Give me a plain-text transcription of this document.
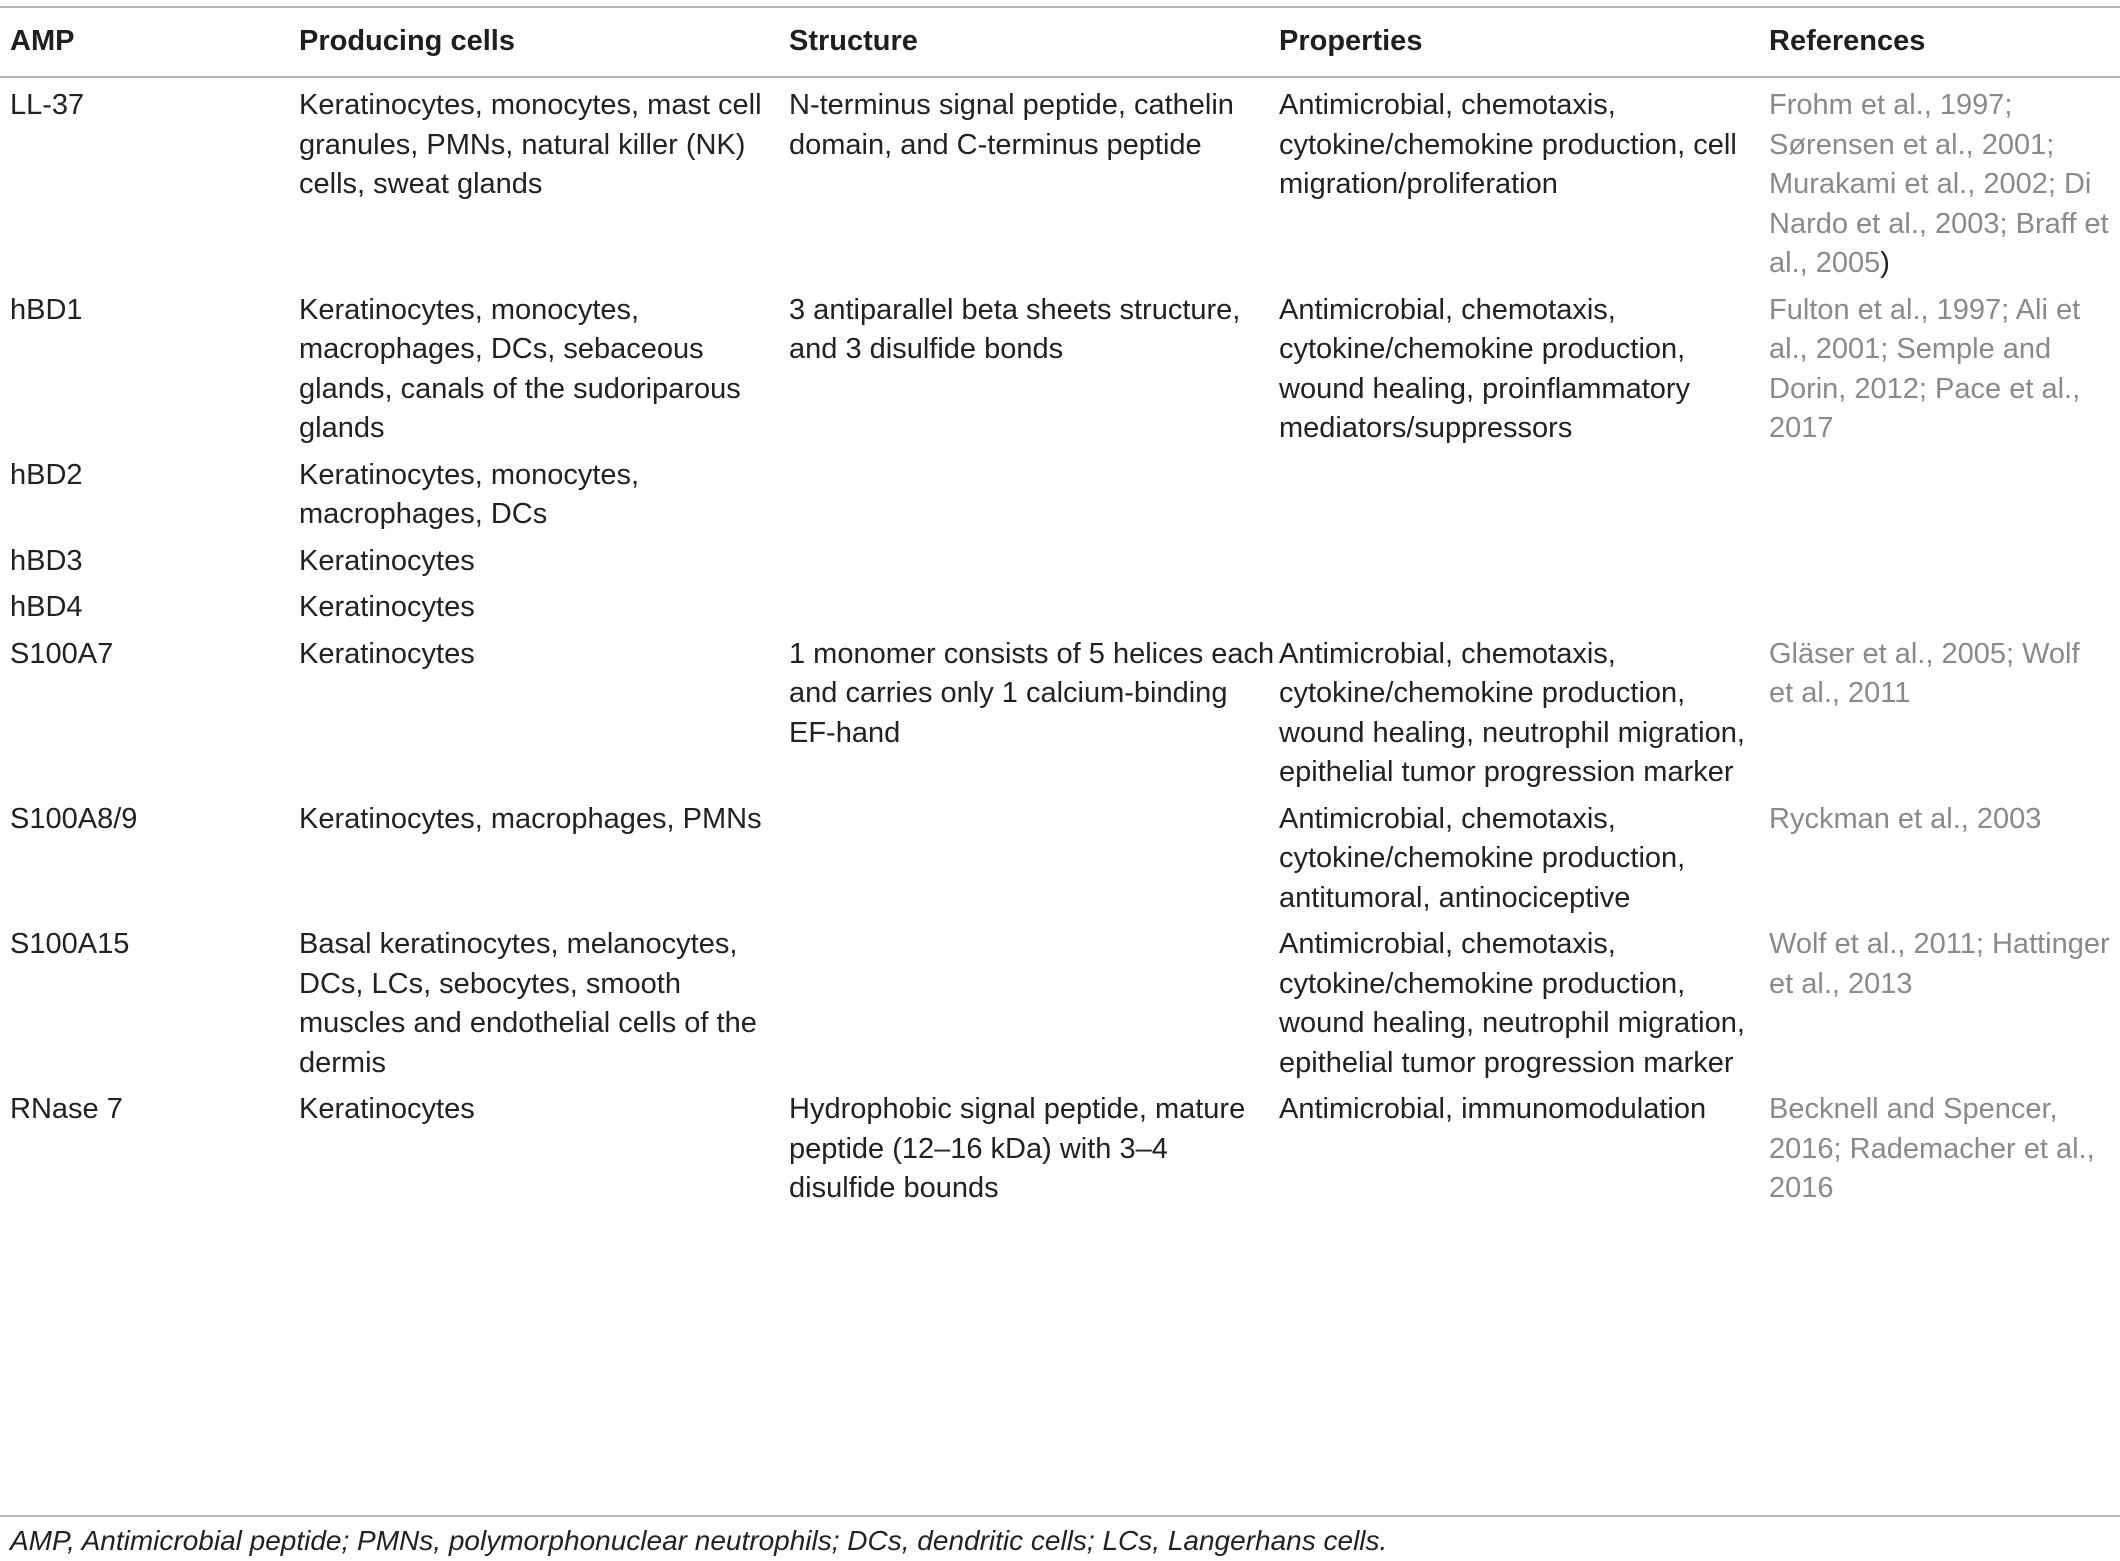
AMP	Producing cells	Structure	Properties	References
LL-37	Keratinocytes, monocytes, mast cell granules, PMNs, natural killer (NK) cells, sweat glands	N-terminus signal peptide, cathelin domain, and C-terminus peptide	Antimicrobial, chemotaxis, cytokine/chemokine production, cell migration/proliferation	Frohm et al., 1997; Sørensen et al., 2001; Murakami et al., 2002; Di Nardo et al., 2003; Braff et al., 2005)
hBD1	Keratinocytes, monocytes, macrophages, DCs, sebaceous glands, canals of the sudoriparous glands	3 antiparallel beta sheets structure, and 3 disulfide bonds	Antimicrobial, chemotaxis, cytokine/chemokine production, wound healing, proinflammatory mediators/suppressors	Fulton et al., 1997; Ali et al., 2001; Semple and Dorin, 2012; Pace et al., 2017
hBD2	Keratinocytes, monocytes, macrophages, DCs			
hBD3	Keratinocytes			
hBD4	Keratinocytes			
S100A7	Keratinocytes	1 monomer consists of 5 helices each and carries only 1 calcium-binding EF-hand	Antimicrobial, chemotaxis, cytokine/chemokine production, wound healing, neutrophil migration, epithelial tumor progression marker	Gläser et al., 2005; Wolf et al., 2011
S100A8/9	Keratinocytes, macrophages, PMNs		Antimicrobial, chemotaxis, cytokine/chemokine production, antitumoral, antinociceptive	Ryckman et al., 2003
S100A15	Basal keratinocytes, melanocytes, DCs, LCs, sebocytes, smooth muscles and endothelial cells of the dermis		Antimicrobial, chemotaxis, cytokine/chemokine production, wound healing, neutrophil migration, epithelial tumor progression marker	Wolf et al., 2011; Hattinger et al., 2013
RNase 7	Keratinocytes	Hydrophobic signal peptide, mature peptide (12–16 kDa) with 3–4 disulfide bounds	Antimicrobial, immunomodulation	Becknell and Spencer, 2016; Rademacher et al., 2016
AMP, Antimicrobial peptide; PMNs, polymorphonuclear neutrophils; DCs, dendritic cells; LCs, Langerhans cells.
